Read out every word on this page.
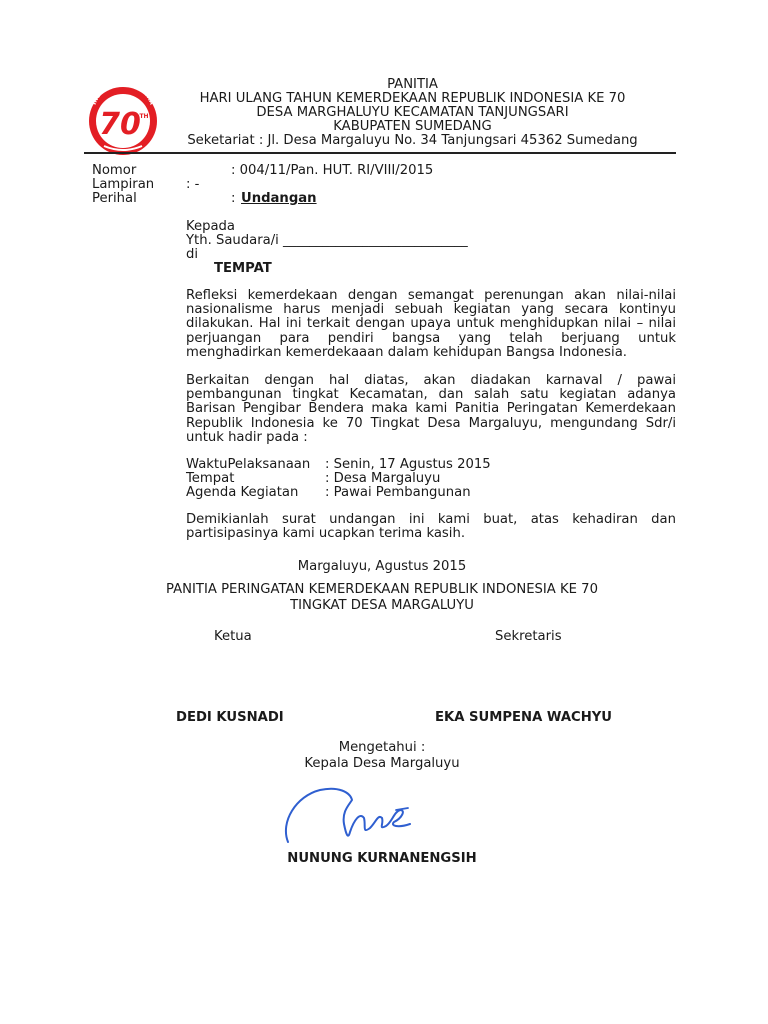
INDONESIA MERDEKA
70
TH
PANITIA
HARI ULANG TAHUN KEMERDEKAAN REPUBLIK INDONESIA KE 70
DESA MARGHALUYU KECAMATAN TANJUNGSARI
KABUPATEN SUMEDANG
Seketariat : Jl. Desa Margaluyu No. 34 Tanjungsari 45362 Sumedang
Nomor	: 004/11/Pan. HUT. RI/VIII/2015
Lampiran : -
Perihal	: Undangan
Kepada
Yth. Saudara/i ____________________________
di
TEMPAT
Refleksi kemerdekaan dengan semangat perenungan akan nilai-nilai nasionalisme harus menjadi sebuah kegiatan yang secara kontinyu dilakukan. Hal ini terkait dengan upaya untuk menghidupkan nilai – nilai perjuangan para pendiri bangsa yang telah berjuang untuk menghadirkan kemerdekaaan dalam kehidupan Bangsa Indonesia.
Berkaitan dengan hal diatas, akan diadakan karnaval / pawai pembangunan tingkat Kecamatan, dan salah satu kegiatan adanya Barisan Pengibar Bendera maka kami Panitia Peringatan Kemerdekaan Republik Indonesia ke 70 Tingkat Desa Margaluyu, mengundang Sdr/i untuk hadir pada :
WaktuPelaksanaan : Senin, 17 Agustus 2015
Tempat	: Desa Margaluyu
Agenda Kegiatan : Pawai Pembangunan
Demikianlah surat undangan ini kami buat, atas kehadiran dan partisipasinya kami ucapkan terima kasih.
Margaluyu, Agustus 2015
PANITIA PERINGATAN KEMERDEKAAN REPUBLIK INDONESIA KE 70
TINGKAT DESA MARGALUYU
Ketua	Sekretaris
DEDI KUSNADI	EKA SUMPENA WACHYU
Mengetahui :
Kepala Desa Margaluyu
NUNUNG KURNANENGSIH
